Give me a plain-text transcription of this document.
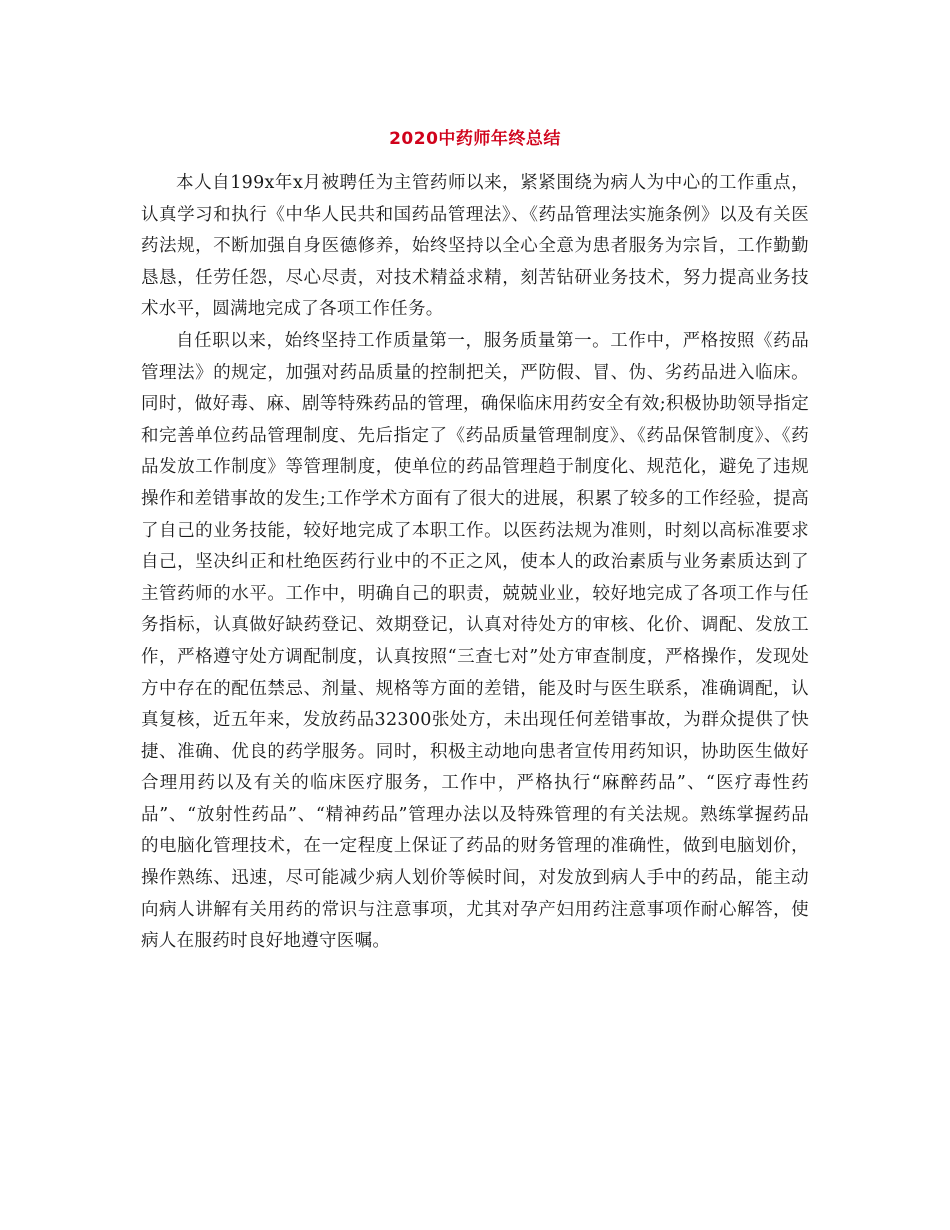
2020中药师年终总结

本人自199x年x月被聘任为主管药师以来，紧紧围绕为病人为中心的工作重点，认真学习和执行《中华人民共和国药品管理法》、《药品管理法实施条例》以及有关医药法规，不断加强自身医德修养，始终坚持以全心全意为患者服务为宗旨，工作勤勤恳恳，任劳任怨，尽心尽责，对技术精益求精，刻苦钻研业务技术，努力提高业务技术水平，圆满地完成了各项工作任务。

自任职以来，始终坚持工作质量第一，服务质量第一。工作中，严格按照《药品管理法》的规定，加强对药品质量的控制把关，严防假、冒、伪、劣药品进入临床。同时，做好毒、麻、剧等特殊药品的管理，确保临床用药安全有效;积极协助领导指定和完善单位药品管理制度、先后指定了《药品质量管理制度》、《药品保管制度》、《药品发放工作制度》等管理制度，使单位的药品管理趋于制度化、规范化，避免了违规操作和差错事故的发生;工作学术方面有了很大的进展，积累了较多的工作经验，提高了自己的业务技能，较好地完成了本职工作。以医药法规为准则，时刻以高标准要求自己，坚决纠正和杜绝医药行业中的不正之风，使本人的政治素质与业务素质达到了主管药师的水平。工作中，明确自己的职责，兢兢业业，较好地完成了各项工作与任务指标，认真做好缺药登记、效期登记，认真对待处方的审核、化价、调配、发放工作，严格遵守处方调配制度，认真按照“三查七对”处方审查制度，严格操作，发现处方中存在的配伍禁忌、剂量、规格等方面的差错，能及时与医生联系，准确调配，认真复核，近五年来，发放药品32300张处方，未出现任何差错事故，为群众提供了快捷、准确、优良的药学服务。同时，积极主动地向患者宣传用药知识，协助医生做好合理用药以及有关的临床医疗服务，工作中，严格执行“麻醉药品”、“医疗毒性药品”、“放射性药品”、“精神药品”管理办法以及特殊管理的有关法规。熟练掌握药品的电脑化管理技术，在一定程度上保证了药品的财务管理的准确性，做到电脑划价，操作熟练、迅速，尽可能减少病人划价等候时间，对发放到病人手中的药品，能主动向病人讲解有关用药的常识与注意事项，尤其对孕产妇用药注意事项作耐心解答，使病人在服药时良好地遵守医嘱。
